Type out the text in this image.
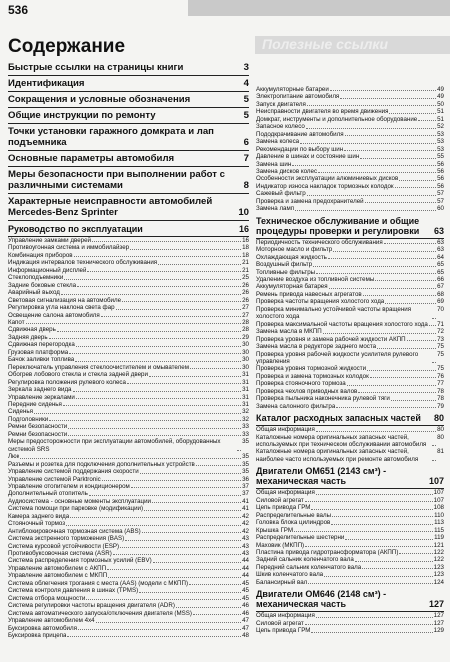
Полезные ссылки
536
Содержание
Быстрые ссылки на страницы книги	3
Идентификация	4
Сокращения и условные обозначения	5
Общие инструкции по ремонту	5
Точки установки гаражного домкрата и лап подъемника	6
Основные параметры автомобиля	7
Меры безопасности при выполнении работ с различными системами	8
Характерные неисправности автомобилей Mercedes-Benz Sprinter	10
Руководство по эксплуатации	16
Управление замками дверей	16
Противоугонная система и иммобилайзер	18
Комбинация приборов	18
Индикация интервалов технического обслуживания	21
Информационный дисплей	21
Стеклоподъемники	25
Задние боковые стекла	26
Аварийный выход	26
Световая сигнализация на автомобиле	26
Регулировка угла наклона света фар	27
Освещение салона автомобиля	27
Капот	28
Сдвижная дверь	28
Задняя дверь	29
Сдвижная перегородка	30
Грузовая платформа	30
Бачок заливки топлива	30
Переключатель управления стеклоочистителем и омывателем	30
Обогрев лобового стекла и стекла задней двери	31
Регулировка положения рулевого колеса	31
Зеркала заднего вида	31
Управление зеркалами	31
Передние сиденья	31
Сиденья	32
Подголовники	32
Ремни безопасности	33
Ремни безопасности	33
Меры предосторожности при эксплуатации автомобилей, оборудованных системой SRS
35
Люк	35
Разъемы и розетка для подключения дополнительных устройств	35
Управление системой поддержания скорости	35
Управление системой Parktronic	36
Управление отопителем и кондиционером	37
Дополнительный отопитель	37
Аудиосистема - основные моменты эксплуатации	41
Система помощи при парковке (модификации)	41
Камера заднего вида	42
Стояночный тормоз	42
Антиблокировочная тормозная система (ABS)	42
Система экстренного торможения (BAS)	43
Система курсовой устойчивости (ESP)	43
Противобуксовочная система (ASR)	43
Система распределения тормозных усилий (EBV)	44
Управление автомобилем с АКПП	44
Управление автомобилем с МКПП	44
Система облегчения трогания с места (AAS) (модели с МКПП)	45
Система контроля давления в шинах (TPMS)	45
Система отбора мощности	45
Система регулировки частоты вращения двигателя (ADR)	46
Система автоматического запуска/отключения двигателя (MSS)	46
Управление автомобилем 4х4	47
Буксировка автомобиля	47
Буксировка прицепа	48
Аккумуляторные батареи	49
Электропитание автомобиля	49
Запуск двигателя	50
Неисправности двигателя во время движения	51
Домкрат, инструменты и дополнительное оборудование	51
Запасное колесо	52
Пододкрачивание автомобиля	53
Замена колеса	53
Рекомендации по выбору шин	53
Давление в шинах и состояние шин	55
Замена шин	56
Замена дисков колес	56
Особенности эксплуатации алюминиевых дисков	56
Индикатор износа накладок тормозных колодок	56
Сажевый фильтр	57
Проверка и замена предохранителей	57
Замена ламп	60
Техническое обслуживание и общие процедуры проверки и регулировки	63
Периодичность технического обслуживания	63
Моторное масло и фильтр	63
Охлаждающая жидкость	64
Воздушный фильтр	65
Топливные фильтры	65
Удаление воздуха из топливной системы	66
Аккумуляторная батарея	67
Ремень привода навесных агрегатов	68
Проверка частоты вращения холостого хода	69
Проверка минимально устойчивой частоты вращения холостого хода
70
Проверка максимальной частоты вращения холостого хода 71
Замена масла в МКПП	72
Проверка уровня и замена рабочей жидкости АКПП	73
Замена масла в редукторе заднего моста	75
Проверка уровня рабочей жидкости усилителя рулевого управления
75
Проверка уровня тормозной жидкости	75
Проверка и замена тормозных колодок	76
Проверка стояночного тормоза	77
Проверка чехлов приводных валов	78
Проверка пыльника наконечника рулевой тяги	78
Замена салонного фильтра	79
Каталог расходных запасных частей	80
Общая информация	80
Каталожные номера оригинальных запасных частей, используемых при техническом обслуживании автомобиля
80
Каталожные номера оригинальных запасных частей, наиболее часто используемых при ремонте автомобиля
81
Двигатели OM651 (2143 см³) - механическая часть	107
Общая информация	107
Силовой агрегат	107
Цепь привода ГРМ	108
Распределительные валы	110
Головка блока цилиндров	113
Крышка ГРМ	115
Распределительные шестерни	119
Маховик (МКПП)	121
Пластина привода гидротрансформатора (АКПП)	122
Задний сальник коленчатого вала	122
Передний сальник коленчатого вала	123
Шкив коленчатого вала	123
Балансирный вал	124
Двигатели OM646 (2148 см³) - механическая часть	127
Общая информация	127
Силовой агрегат	127
Цепь привода ГРМ	129
